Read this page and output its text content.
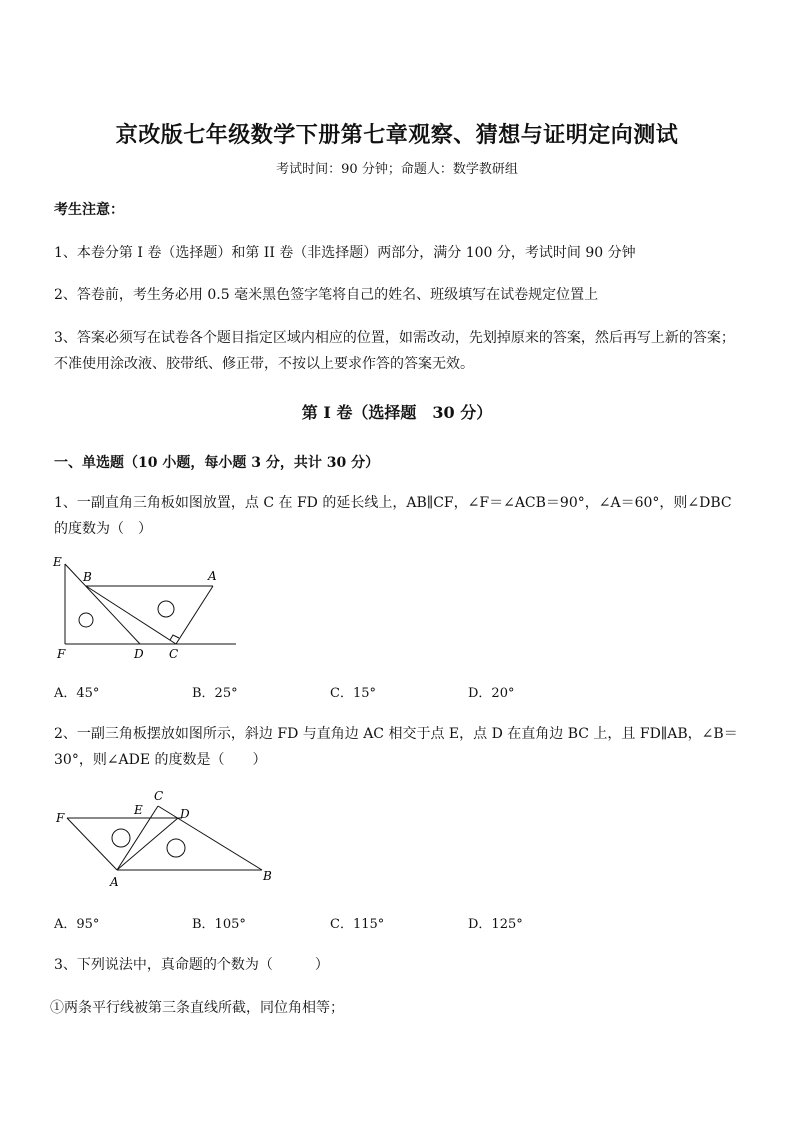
京改版七年级数学下册第七章观察、猜想与证明定向测试
考试时间：90 分钟；命题人：数学教研组
考生注意：
1、本卷分第 I 卷（选择题）和第 II 卷（非选择题）两部分，满分 100 分，考试时间 90 分钟
2、答卷前，考生务必用 0.5 毫米黑色签字笔将自己的姓名、班级填写在试卷规定位置上
3、答案必须写在试卷各个题目指定区域内相应的位置，如需改动，先划掉原来的答案，然后再写上新的答案；不准使用涂改液、胶带纸、修正带，不按以上要求作答的答案无效。
第 I 卷（选择题　30 分）
一、单选题（10 小题，每小题 3 分，共计 30 分）
1、一副直角三角板如图放置，点 C 在 FD 的延长线上，AB∥CF，∠F＝∠ACB＝90°，∠A＝60°，则∠DBC 的度数为（　）
E
B	A
F	D C
A．45°	B．25°	C．15°	D．20°
2、一副三角板摆放如图所示，斜边 FD 与直角边 AC 相交于点 E，点 D 在直角边 BC 上，且 FD∥AB，∠B＝30°，则∠ADE 的度数是（　　）
F
E
C
D
A	B
A．95°	B．105°	C．115°	D．125°
3、下列说法中，真命题的个数为（　　　）
①两条平行线被第三条直线所截，同位角相等；
